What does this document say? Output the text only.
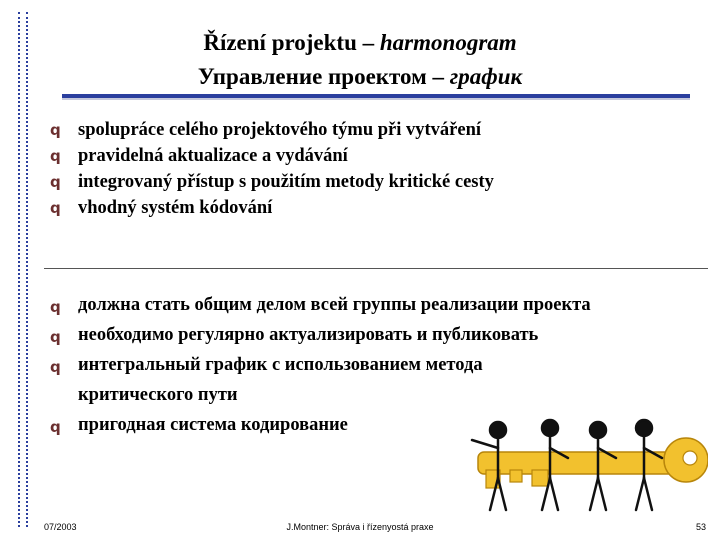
Řízení projektu – harmonogram
Управление проектом – график
q spolupráce celého projektového týmu při vytváření
q pravidelná aktualizace a vydávání
q integrovaný přístup s použitím metody kritické cesty
q vhodný systém kódování
q должна стать общим делом всей группы реализации проекта
q необходимо регулярно актуализировать и публиковать
q интегральный график с использованием метода критического пути
q пригодная система кодирование
07/2003	J.Montner: Správa i řízenyostá praxe	53
